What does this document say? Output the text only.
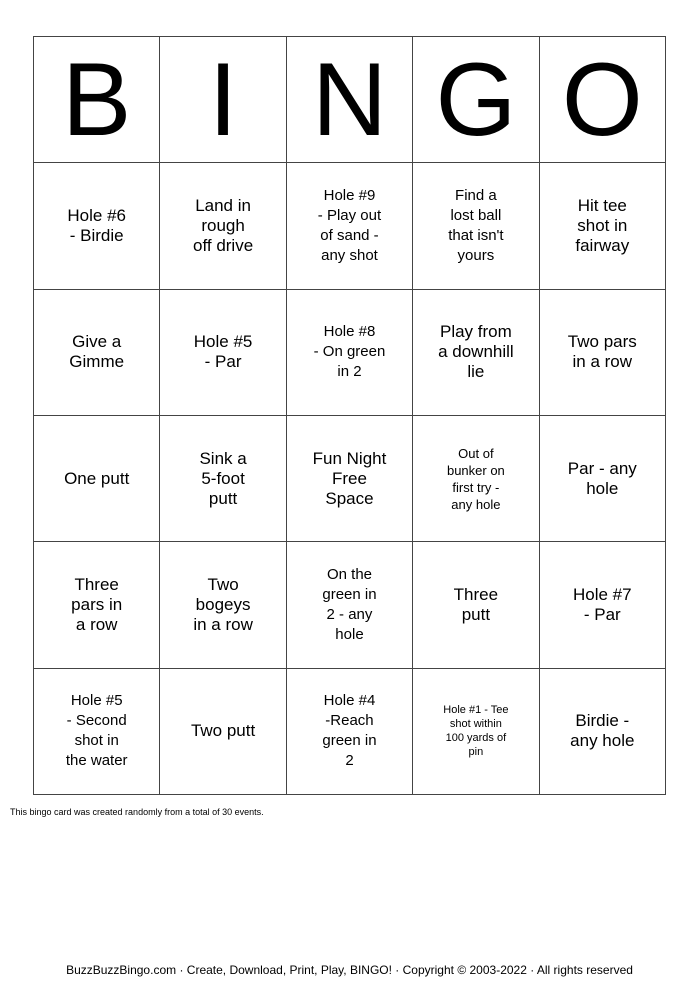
B I N G O
Hole #6
- Birdie
Land in
rough
off drive
Hole #9
- Play out
of sand -
any shot
Find a
lost ball
that isn't
yours
Hit tee
shot in
fairway
Give a
Gimme
Hole #5
- Par
Hole #8
- On green
in 2
Play from
a downhill
lie
Two pars
in a row
One putt
Sink a
5-foot
putt
Fun Night
Free
Space
Out of
bunker on
first try -
any hole
Par - any
hole
Three
pars in
a row
Two
bogeys
in a row
On the
green in
2 - any
hole
Three
putt
Hole #7
- Par
Hole #5
- Second
shot in
the water
Two putt
Hole #4
-Reach
green in
2
Hole #1 - Tee
shot within
100 yards of
pin
Birdie -
any hole
This bingo card was created randomly from a total of 30 events.
BuzzBuzzBingo.com · Create, Download, Print, Play, BINGO! · Copyright © 2003-2022 · All rights reserved
